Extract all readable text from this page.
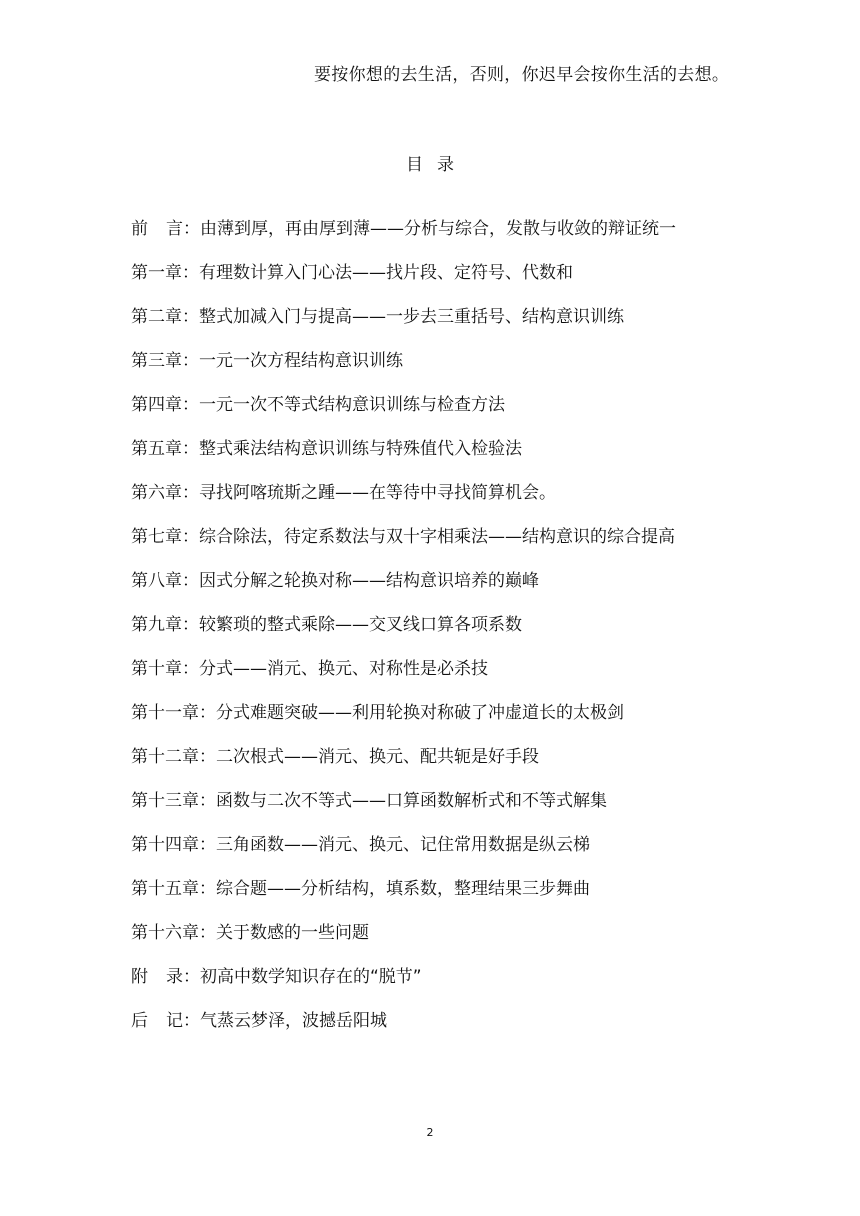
要按你想的去生活，否则，你迟早会按你生活的去想。
目录
前 言 ： 由薄到厚，再由厚到薄——分析与综合，发散与收敛的辩证统一
第一章 ： 有理数计算入门心法——找片段、定符号、代数和
第二章 ： 整式加减入门与提高——一步去三重括号、结构意识训练
第三章 ： 一元一次方程结构意识训练
第四章 ： 一元一次不等式结构意识训练与检查方法
第五章 ： 整式乘法结构意识训练与特殊值代入检验法
第六章 ： 寻找阿喀琉斯之踵——在等待中寻找简算机会。
第七章 ： 综合除法，待定系数法与双十字相乘法——结构意识的综合提高
第八章 ： 因式分解之轮换对称——结构意识培养的巅峰
第九章 ： 较繁琐的整式乘除——交叉线口算各项系数
第十章 ： 分式——消元、换元、对称性是必杀技
第十一章 ： 分式难题突破——利用轮换对称破了冲虚道长的太极剑
第十二章 ： 二次根式——消元、换元、配共轭是好手段
第十三章 ： 函数与二次不等式——口算函数解析式和不等式解集
第十四章 ： 三角函数——消元、换元、记住常用数据是纵云梯
第十五章 ： 综合题——分析结构，填系数，整理结果三步舞曲
第十六章 ： 关于数感的一些问题
附 录 ： 初高中数学知识存在的“脱节”
后 记 ： 气蒸云梦泽，波撼岳阳城
2
